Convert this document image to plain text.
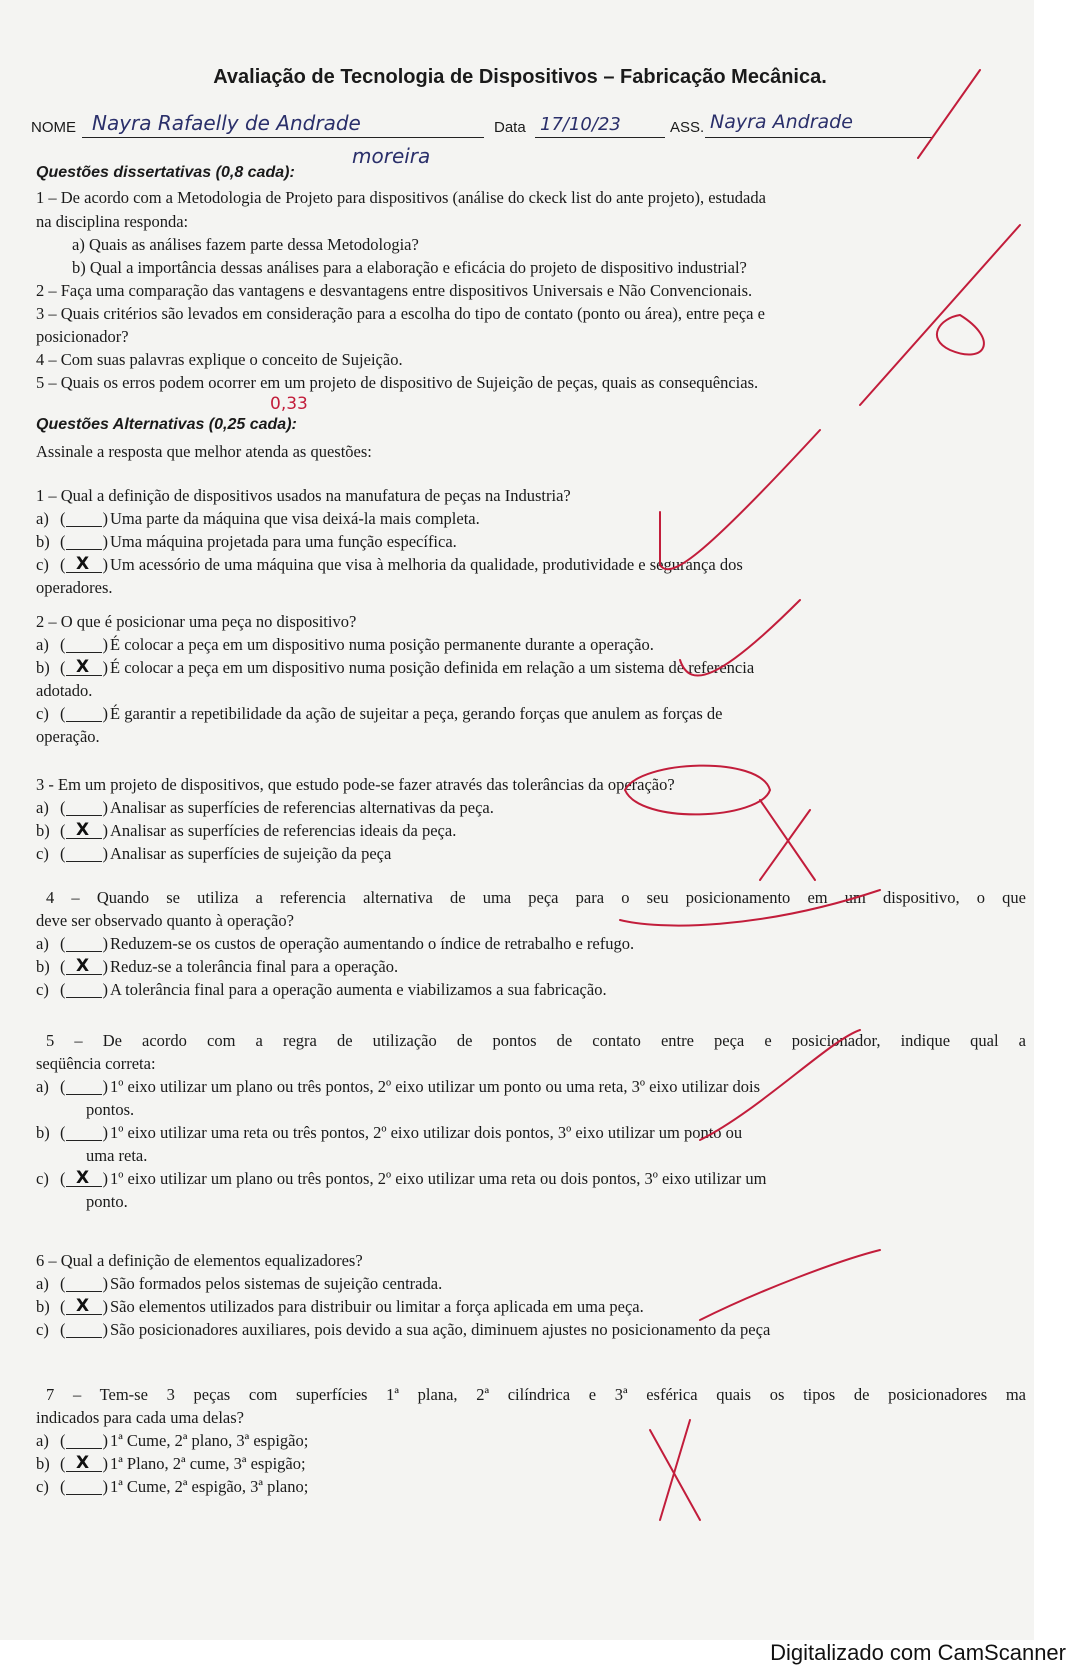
Avaliação de Tecnologia de Dispositivos – Fabricação Mecânica.
NOME Nayra Rafaelly de Andrade
moreira
Data 17/10/23	ASS. Nayra Andrade
Questões dissertativas (0,8 cada):
1 – De acordo com a Metodologia de Projeto para dispositivos (análise do ckeck list do ante projeto), estudada
na disciplina responda:
a) Quais as análises fazem parte dessa Metodologia?
b) Qual a importância dessas análises para a elaboração e eficácia do projeto de dispositivo industrial?
2 – Faça uma comparação das vantagens e desvantagens entre dispositivos Universais e Não Convencionais.
3 – Quais critérios são levados em consideração para a escolha do tipo de contato (ponto ou área), entre peça e
posicionador?
4 – Com suas palavras explique o conceito de Sujeição.
5 – Quais os erros podem ocorrer em um projeto de dispositivo de Sujeição de peças, quais as consequências.
0,33
Questões Alternativas (0,25 cada):
Assinale a resposta que melhor atenda as questões:
1 – Qual a definição de dispositivos usados na manufatura de peças na Industria?
a) ( ) Uma parte da máquina que visa deixá-la mais completa.
b) ( ) Uma máquina projetada para uma função específica.
c) ( )
X Um acessório de uma máquina que visa à melhoria da qualidade, produtividade e segurança dos
operadores.
2 – O que é posicionar uma peça no dispositivo?
a) ( ) É colocar a peça em um dispositivo numa posição permanente durante a operação.
b) ( )
X É colocar a peça em um dispositivo numa posição definida em relação a um sistema de referencia
adotado.
c) ( ) É garantir a repetibilidade da ação de sujeitar a peça, gerando forças que anulem as forças de
operação.
3 - Em um projeto de dispositivos, que estudo pode-se fazer através das tolerâncias da operação?
a) ( ) Analisar as superfícies de referencias alternativas da peça.
b) ( )
X Analisar as superfícies de referencias ideais da peça.
c) ( ) Analisar as superfícies de sujeição da peça
4 – Quando se utiliza a referencia alternativa de uma peça para o seu posicionamento em um dispositivo, o que
deve ser observado quanto à operação?
a) ( ) Reduzem-se os custos de operação aumentando o índice de retrabalho e refugo.
b) ( )
X Reduz-se a tolerância final para a operação.
c) ( ) A tolerância final para a operação aumenta e viabilizamos a sua fabricação.
5 – De acordo com a regra de utilização de pontos de contato entre peça e posicionador, indique qual a
seqüência correta:
a) ( ) 1º eixo utilizar um plano ou três pontos, 2º eixo utilizar um ponto ou uma reta, 3º eixo utilizar dois
pontos.
b) ( ) 1º eixo utilizar uma reta ou três pontos, 2º eixo utilizar dois pontos, 3º eixo utilizar um ponto ou
uma reta.
c) ( )
X 1º eixo utilizar um plano ou três pontos, 2º eixo utilizar uma reta ou dois pontos, 3º eixo utilizar um
ponto.
6 – Qual a definição de elementos equalizadores?
a) ( ) São formados pelos sistemas de sujeição centrada.
b) ( )
X São elementos utilizados para distribuir ou limitar a força aplicada em uma peça.
c) ( ) São posicionadores auxiliares, pois devido a sua ação, diminuem ajustes no posicionamento da peça
7 – Tem-se 3 peças com superfícies 1ª plana, 2ª cilíndrica e 3ª esférica quais os tipos de posicionadores ma
indicados para cada uma delas?
a) ( ) 1ª Cume, 2ª plano, 3ª espigão;
b) ( )
X 1ª Plano, 2ª cume, 3ª espigão;
c) ( ) 1ª Cume, 2ª espigão, 3ª plano;
Digitalizado com CamScanner
